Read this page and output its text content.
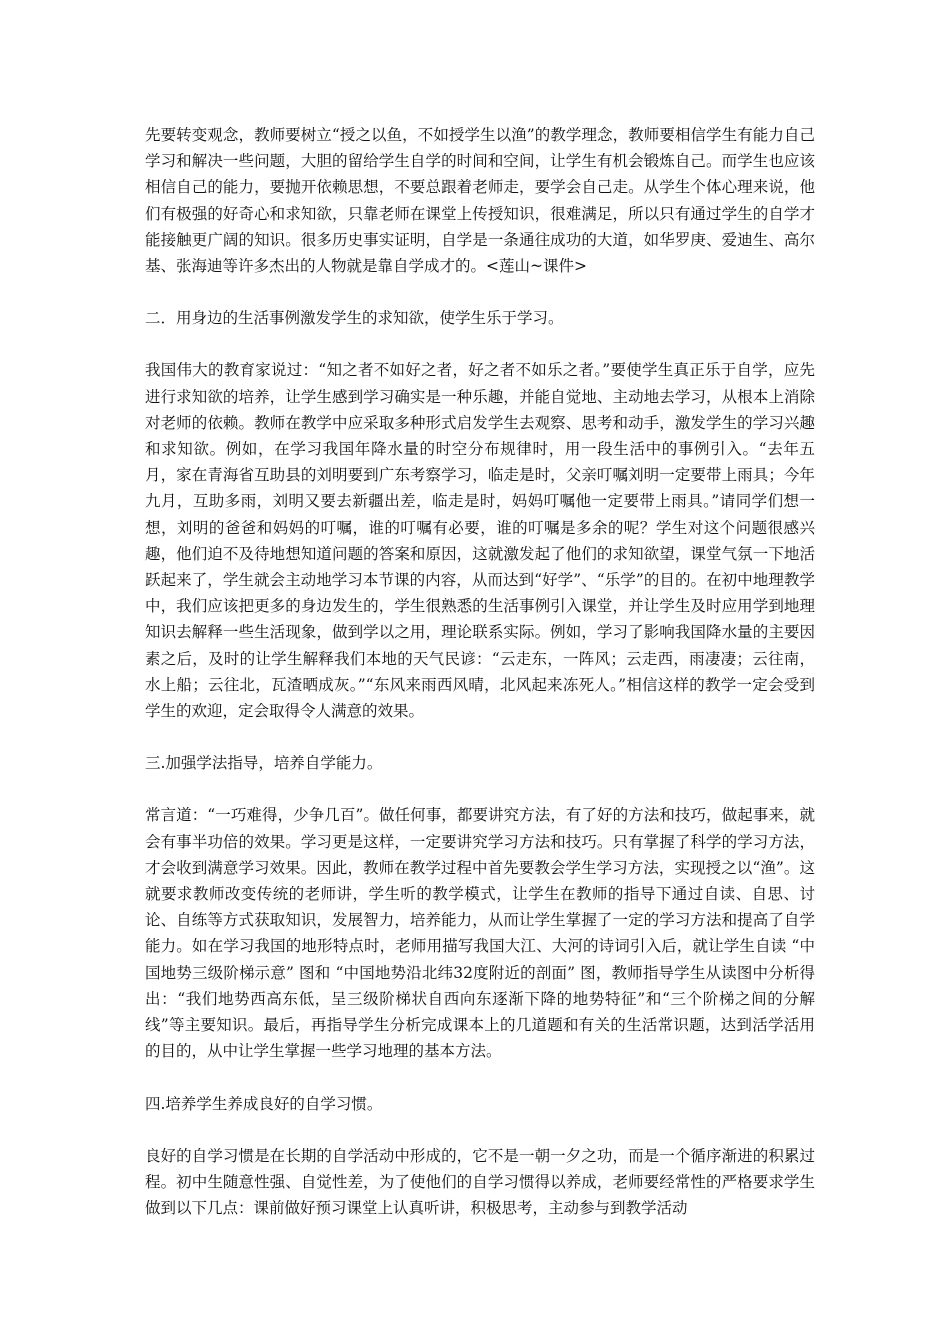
先要转变观念，教师要树立“授之以鱼，不如授学生以渔”的教学理念，教师要相信学生有能力自己学习和解决一些问题，大胆的留给学生自学的时间和空间，让学生有机会锻炼自己。而学生也应该相信自己的能力，要抛开依赖思想，不要总跟着老师走，要学会自己走。从学生个体心理来说，他们有极强的好奇心和求知欲，只靠老师在课堂上传授知识，很难满足，所以只有通过学生的自学才能接触更广阔的知识。很多历史事实证明，自学是一条通往成功的大道，如华罗庚、爱迪生、高尔基、张海迪等许多杰出的人物就是靠自学成才的。<莲山~课件>

二．用身边的生活事例激发学生的求知欲，使学生乐于学习。

我国伟大的教育家说过：“知之者不如好之者，好之者不如乐之者。”要使学生真正乐于自学，应先进行求知欲的培养，让学生感到学习确实是一种乐趣，并能自觉地、主动地去学习，从根本上消除对老师的依赖。教师在教学中应采取多种形式启发学生去观察、思考和动手，激发学生的学习兴趣和求知欲。例如，在学习我国年降水量的时空分布规律时，用一段生活中的事例引入。“去年五月，家在青海省互助县的刘明要到广东考察学习，临走是时，父亲叮嘱刘明一定要带上雨具；今年九月，互助多雨，刘明又要去新疆出差，临走是时，妈妈叮嘱他一定要带上雨具。”请同学们想一想，刘明的爸爸和妈妈的叮嘱，谁的叮嘱有必要，谁的叮嘱是多余的呢？学生对这个问题很感兴趣，他们迫不及待地想知道问题的答案和原因，这就激发起了他们的求知欲望，课堂气氛一下地活跃起来了，学生就会主动地学习本节课的内容，从而达到“好学”、“乐学”的目的。在初中地理教学中，我们应该把更多的身边发生的，学生很熟悉的生活事例引入课堂，并让学生及时应用学到地理知识去解释一些生活现象，做到学以之用，理论联系实际。例如，学习了影响我国降水量的主要因素之后，及时的让学生解释我们本地的天气民谚：“云走东，一阵风；云走西，雨凄凄；云往南，水上船；云往北，瓦渣晒成灰。”“东风来雨西风晴，北风起来冻死人。”相信这样的教学一定会受到学生的欢迎，定会取得令人满意的效果。

三.加强学法指导，培养自学能力。

常言道：“一巧难得，少争几百”。做任何事，都要讲究方法，有了好的方法和技巧，做起事来，就会有事半功倍的效果。学习更是这样，一定要讲究学习方法和技巧。只有掌握了科学的学习方法，才会收到满意学习效果。因此，教师在教学过程中首先要教会学生学习方法，实现授之以“渔”。这就要求教师改变传统的老师讲，学生听的教学模式，让学生在教师的指导下通过自读、自思、讨论、自练等方式获取知识，发展智力，培养能力，从而让学生掌握了一定的学习方法和提高了自学能力。如在学习我国的地形特点时，老师用描写我国大江、大河的诗词引入后，就让学生自读 “中国地势三级阶梯示意” 图和 “中国地势沿北纬32度附近的剖面” 图，教师指导学生从读图中分析得出：“我们地势西高东低，呈三级阶梯状自西向东逐渐下降的地势特征”和“三个阶梯之间的分解线”等主要知识。最后，再指导学生分析完成课本上的几道题和有关的生活常识题，达到活学活用的目的，从中让学生掌握一些学习地理的基本方法。

四.培养学生养成良好的自学习惯。

良好的自学习惯是在长期的自学活动中形成的，它不是一朝一夕之功，而是一个循序渐进的积累过程。初中生随意性强、自觉性差，为了使他们的自学习惯得以养成，老师要经常性的严格要求学生做到以下几点：课前做好预习课堂上认真听讲，积极思考，主动参与到教学活动
